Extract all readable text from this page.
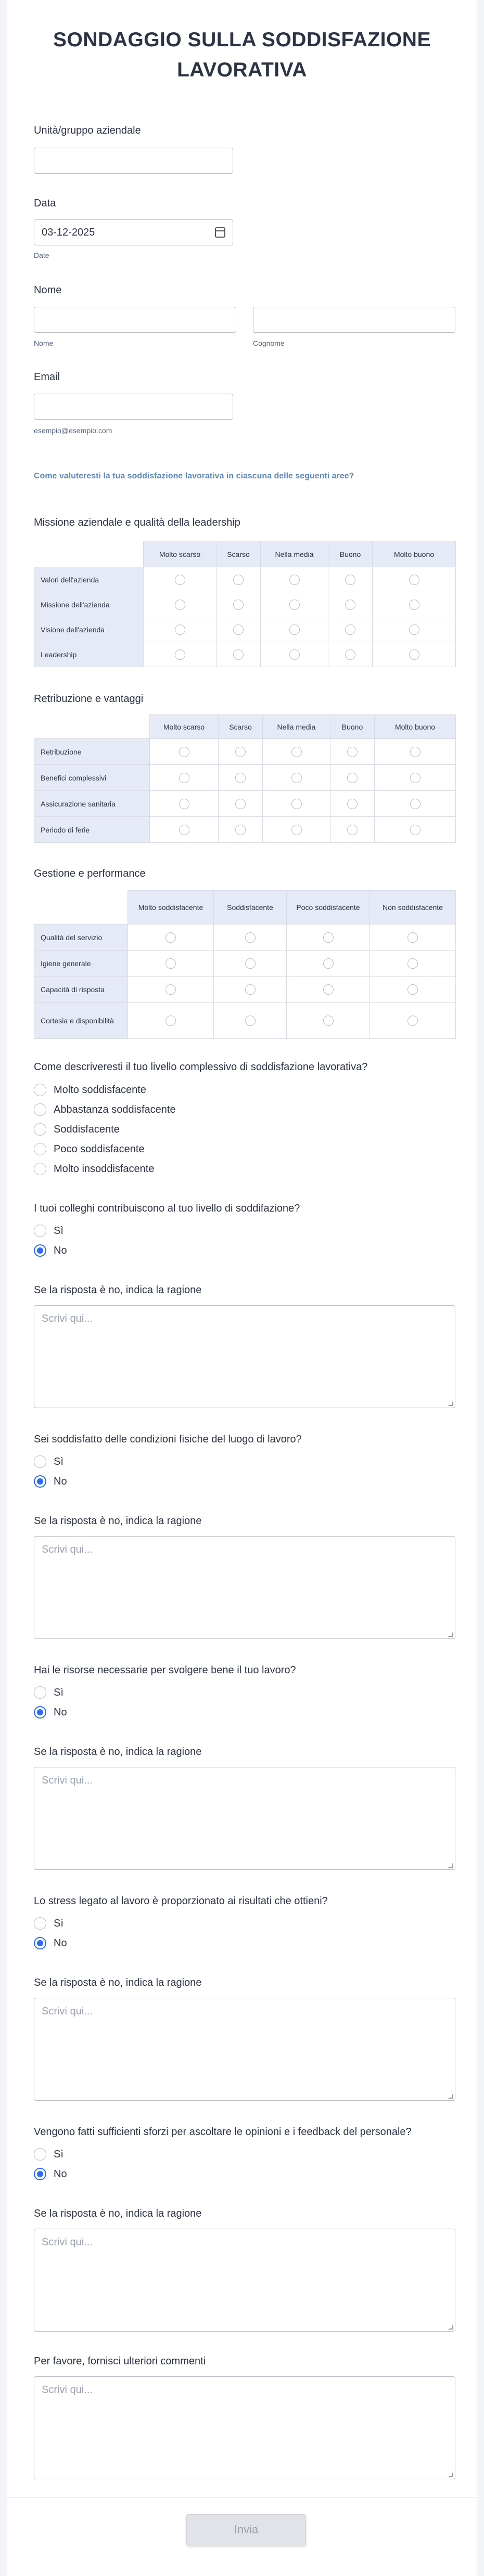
SONDAGGIO SULLA SODDISFAZIONE LAVORATIVA
Unità/gruppo aziendale
Data
03-12-2025
Date
Nome
Nome	Cognome
Email
esempio@esempio.com
Come valuteresti la tua soddisfazione lavorativa in ciascuna delle seguenti aree?
Missione aziendale e qualità della leadership
	Molto scarso	Scarso	Nella media	Buono	Molto buono
Valori dell'azienda					
Missione dell'azienda					
Visione dell'azienda					
Leadership					
Retribuzione e vantaggi
	Molto scarso	Scarso	Nella media	Buono	Molto buono
Retribuzione					
Benefici complessivi					
Assicurazione sanitaria					
Periodo di ferie					
Gestione e performance
	Molto soddisfacente	Soddisfacente	Poco soddisfacente	Non soddisfacente
Qualità del servizio				
Igiene generale				
Capacità di risposta				
Cortesia e disponibilità				
Come descriveresti il tuo livello complessivo di soddisfazione lavorativa?
Molto soddisfacente
Abbastanza soddisfacente
Soddisfacente
Poco soddisfacente
Molto insoddisfacente
I tuoi colleghi contribuiscono al tuo livello di soddifazione?
Sì
No
Se la risposta è no, indica la ragione
Scrivi qui...
Sei soddisfatto delle condizioni fisiche del luogo di lavoro?
Sì
No
Se la risposta è no, indica la ragione
Scrivi qui...
Hai le risorse necessarie per svolgere bene il tuo lavoro?
Sì
No
Se la risposta è no, indica la ragione
Scrivi qui...
Lo stress legato al lavoro è proporzionato ai risultati che ottieni?
Sì
No
Se la risposta è no, indica la ragione
Scrivi qui...
Vengono fatti sufficienti sforzi per ascoltare le opinioni e i feedback del personale?
Sì
No
Se la risposta è no, indica la ragione
Scrivi qui...
Per favore, fornisci ulteriori commenti
Scrivi qui...
Invia
